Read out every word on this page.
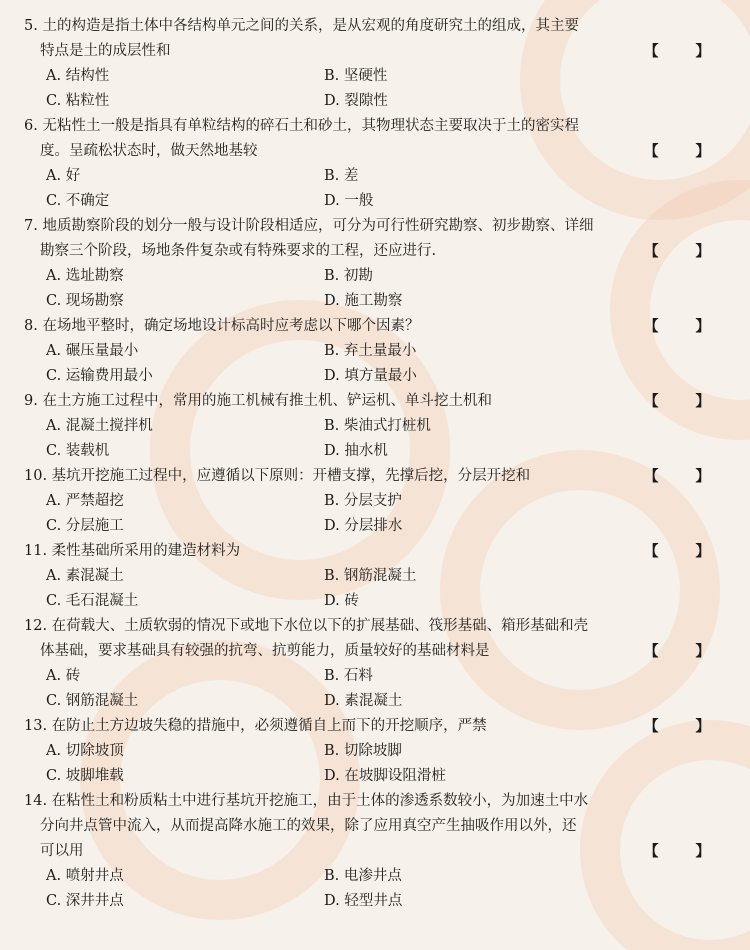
5. 土的构造是指土体中各结构单元之间的关系，是从宏观的角度研究土的组成，其主要
特点是土的成层性和	【 】
A. 结构性	B. 坚硬性
C. 粘粒性	D. 裂隙性
6. 无粘性土一般是指具有单粒结构的碎石土和砂土，其物理状态主要取决于土的密实程
度。呈疏松状态时，做天然地基较	【 】
A. 好	B. 差
C. 不确定	D. 一般
7. 地质勘察阶段的划分一般与设计阶段相适应，可分为可行性研究勘察、初步勘察、详细
勘察三个阶段，场地条件复杂或有特殊要求的工程，还应进行.	【 】
A. 选址勘察	B. 初勘
C. 现场勘察	D. 施工勘察
8. 在场地平整时，确定场地设计标高时应考虑以下哪个因素？	【 】
A. 碾压量最小	B. 弃土量最小
C. 运输费用最小	D. 填方量最小
9. 在土方施工过程中，常用的施工机械有推土机、铲运机、单斗挖土机和	【 】
A. 混凝土搅拌机	B. 柴油式打桩机
C. 装载机	D. 抽水机
10. 基坑开挖施工过程中，应遵循以下原则：开槽支撑，先撑后挖，分层开挖和	【 】
A. 严禁超挖	B. 分层支护
C. 分层施工	D. 分层排水
11. 柔性基础所采用的建造材料为	【 】
A. 素混凝土	B. 钢筋混凝土
C. 毛石混凝土	D. 砖
12. 在荷载大、土质软弱的情况下或地下水位以下的扩展基础、筏形基础、箱形基础和壳
体基础，要求基础具有较强的抗弯、抗剪能力，质量较好的基础材料是	【 】
A. 砖	B. 石料
C. 钢筋混凝土	D. 素混凝土
13. 在防止土方边坡失稳的措施中，必须遵循自上而下的开挖顺序，严禁	【 】
A. 切除坡顶	B. 切除坡脚
C. 坡脚堆载	D. 在坡脚设阻滑桩
14. 在粘性土和粉质粘土中进行基坑开挖施工，由于土体的渗透系数较小，为加速土中水
分向井点管中流入，从而提高降水施工的效果，除了应用真空产生抽吸作用以外，还
可以用	【 】
A. 喷射井点	B. 电渗井点
C. 深井井点	D. 轻型井点
